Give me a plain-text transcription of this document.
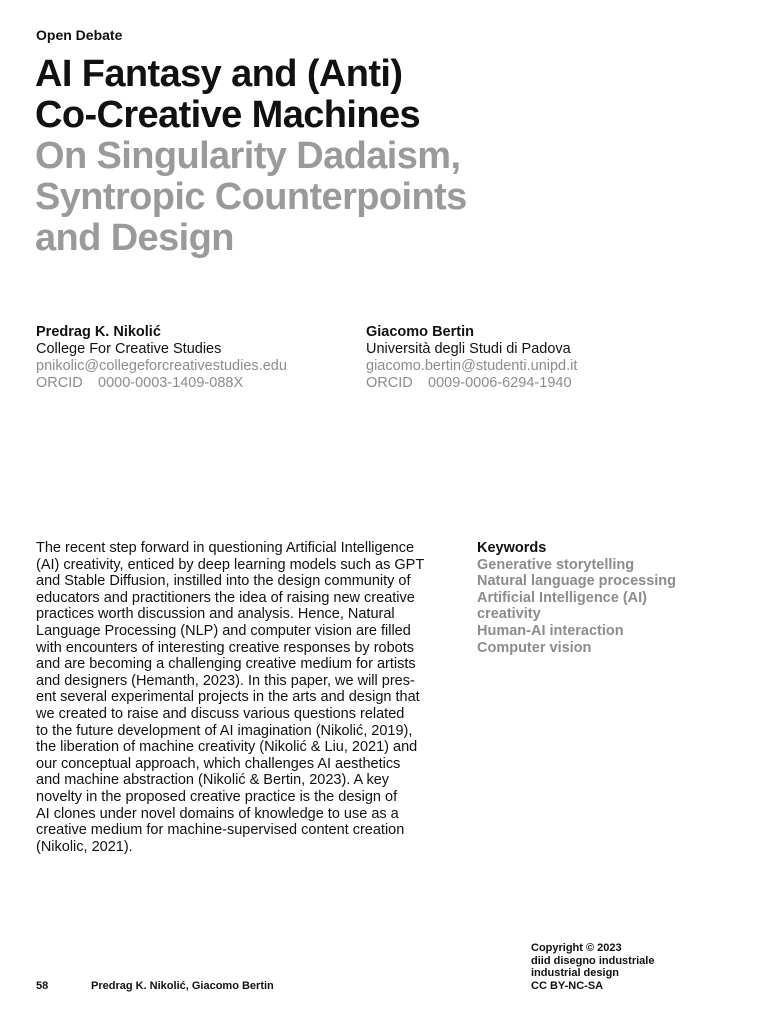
Open Debate
AI Fantasy and (Anti)
Co-Creative Machines
On Singularity Dadaism,
Syntropic Counterpoints
and Design
Predrag K. Nikolić
College For Creative Studies
pnikolic@collegeforcreativestudies.edu
ORCID 0000-0003-1409-088X
Giacomo Bertin
Università degli Studi di Padova
giacomo.bertin@studenti.unipd.it
ORCID 0009-0006-6294-1940
The recent step forward in questioning Artificial Intelligence
(AI) creativity, enticed by deep learning models such as GPT
and Stable Diffusion, instilled into the design community of
educators and practitioners the idea of raising new creative
practices worth discussion and analysis. Hence, Natural
Language Processing (NLP) and computer vision are filled
with encounters of interesting creative responses by robots
and are becoming a challenging creative medium for artists
and designers (Hemanth, 2023). In this paper, we will pres-
ent several experimental projects in the arts and design that
we created to raise and discuss various questions related
to the future development of AI imagination (Nikolić, 2019),
the liberation of machine creativity (Nikolić & Liu, 2021) and
our conceptual approach, which challenges AI aesthetics
and machine abstraction (Nikolić & Bertin, 2023). A key
novelty in the proposed creative practice is the design of
AI clones under novel domains of knowledge to use as a
creative medium for machine-supervised content creation
(Nikolic, 2021).
Keywords
Generative storytelling
Natural language processing
Artificial Intelligence (AI)
creativity
Human-AI interaction
Computer vision
58	Predrag K. Nikolić, Giacomo Bertin
Copyright © 2023
diid disegno industriale
industrial design
CC BY-NC-SA
